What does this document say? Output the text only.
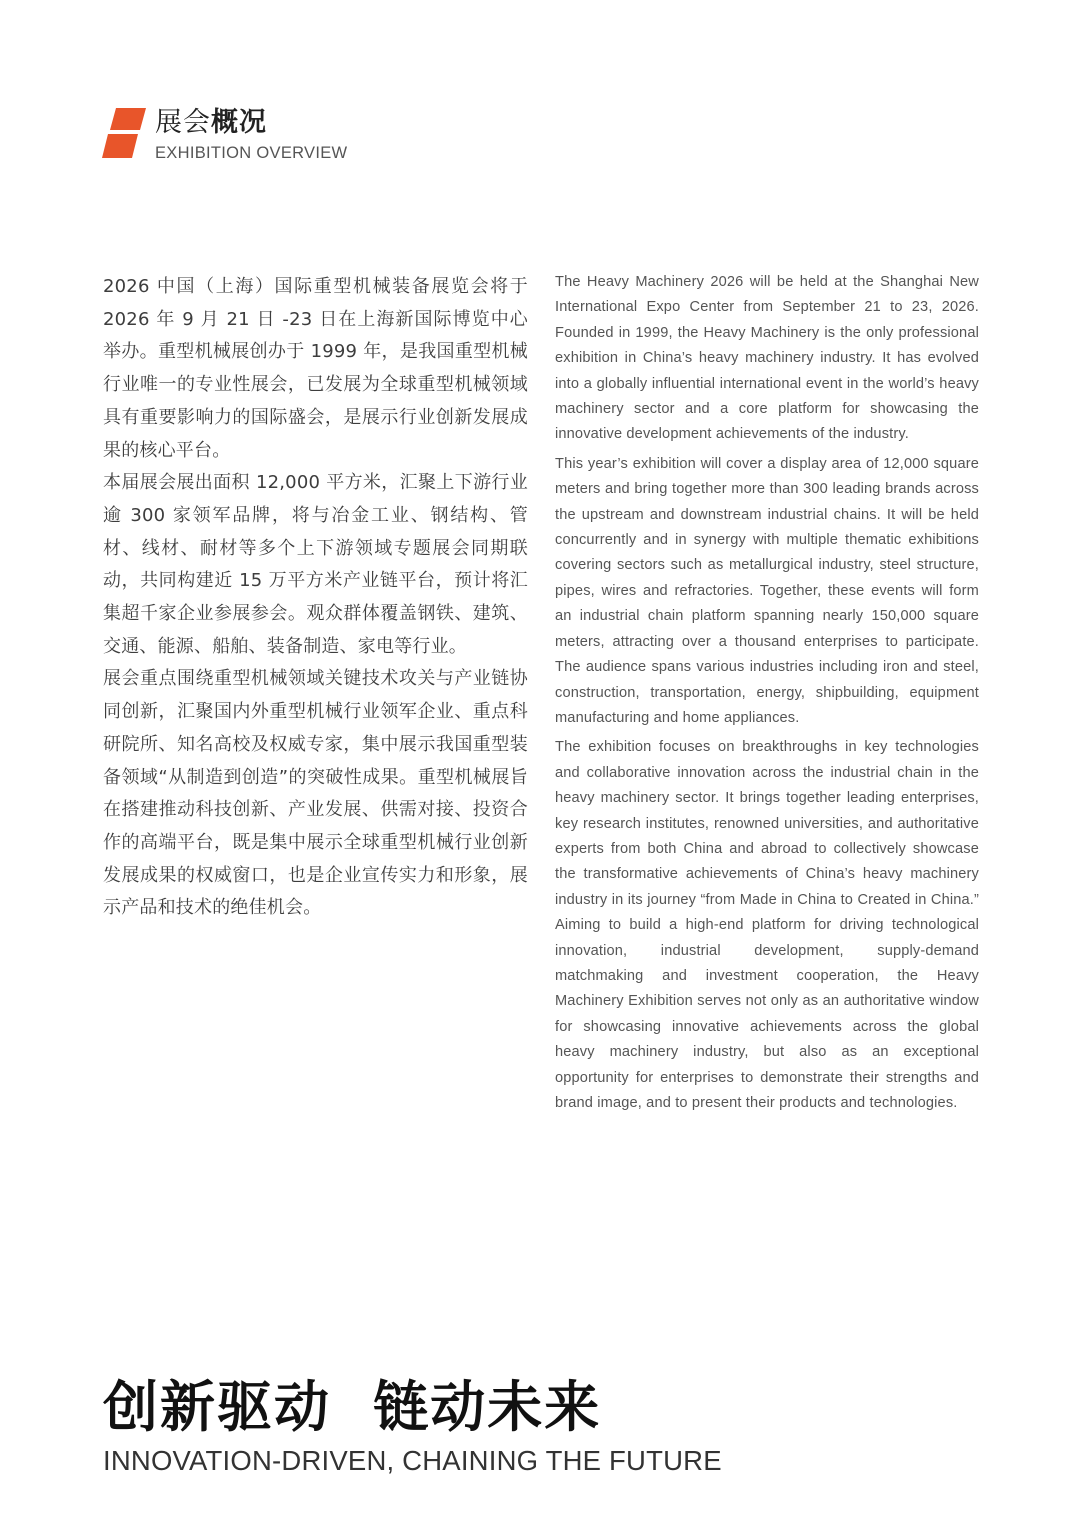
展会概况
EXHIBITION OVERVIEW

2026 中国（上海）国际重型机械装备展览会将于 2026 年 9 月 21 日 -23 日在上海新国际博览中心举办。重型机械展创办于 1999 年，是我国重型机械行业唯一的专业性展会，已发展为全球重型机械领域具有重要影响力的国际盛会，是展示行业创新发展成果的核心平台。

本届展会展出面积 12,000 平方米，汇聚上下游行业逾 300 家领军品牌，将与冶金工业、钢结构、管材、线材、耐材等多个上下游领域专题展会同期联动，共同构建近 15 万平方米产业链平台，预计将汇集超千家企业参展参会。观众群体覆盖钢铁、建筑、交通、能源、船舶、装备制造、家电等行业。

展会重点围绕重型机械领域关键技术攻关与产业链协同创新，汇聚国内外重型机械行业领军企业、重点科研院所、知名高校及权威专家，集中展示我国重型装备领域“从制造到创造”的突破性成果。重型机械展旨在搭建推动科技创新、产业发展、供需对接、投资合作的高端平台，既是集中展示全球重型机械行业创新发展成果的权威窗口，也是企业宣传实力和形象，展示产品和技术的绝佳机会。

The Heavy Machinery 2026 will be held at the Shanghai New International Expo Center from September 21 to 23, 2026. Founded in 1999, the Heavy Machinery is the only professional exhibition in China’s heavy machinery industry. It has evolved into a globally influential international event in the world’s heavy machinery sector and a core platform for showcasing the innovative development achievements of the industry.

This year’s exhibition will cover a display area of 12,000 square meters and bring together more than 300 leading brands across the upstream and downstream industrial chains. It will be held concurrently and in synergy with multiple thematic exhibitions covering sectors such as metallurgical industry, steel structure, pipes, wires and refractories. Together, these events will form an industrial chain platform spanning nearly 150,000 square meters, attracting over a thousand enterprises to participate. The audience spans various industries including iron and steel, construction, transportation, energy, shipbuilding, equipment manufacturing and home appliances.

The exhibition focuses on breakthroughs in key technologies and collaborative innovation across the industrial chain in the heavy machinery sector. It brings together leading enterprises, key research institutes, renowned universities, and authoritative experts from both China and abroad to collectively showcase the transformative achievements of China’s heavy machinery industry in its journey “from Made in China to Created in China.” Aiming to build a high-end platform for driving technological innovation, industrial development, supply-demand matchmaking and investment cooperation, the Heavy Machinery Exhibition serves not only as an authoritative window for showcasing innovative achievements across the global heavy machinery industry, but also as an exceptional opportunity for enterprises to demonstrate their strengths and brand image, and to present their products and technologies.

创新驱动  链动未来
INNOVATION-DRIVEN, CHAINING THE FUTURE
